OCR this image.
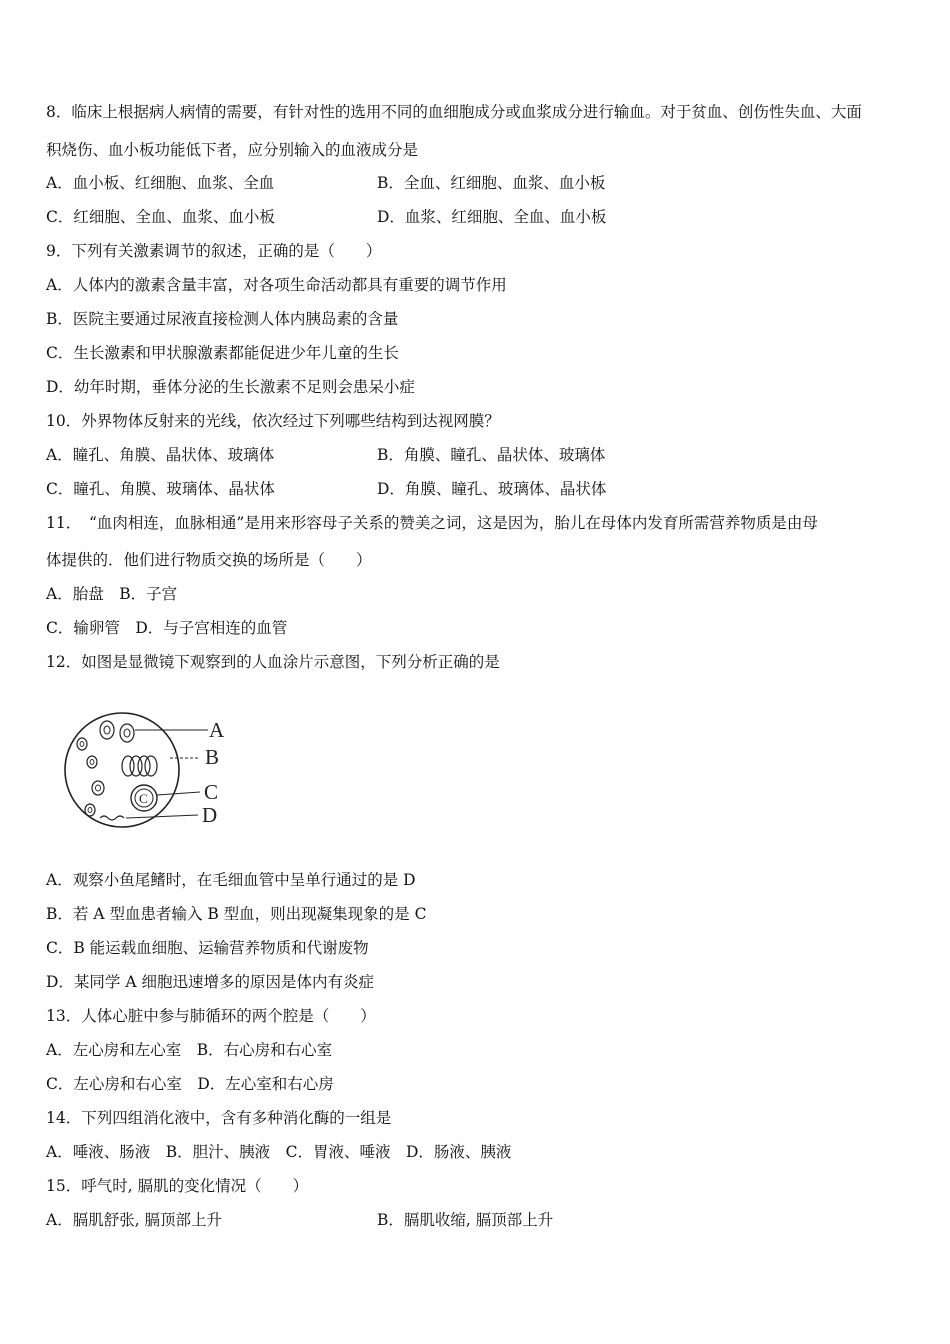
8．临床上根据病人病情的需要，有针对性的选用不同的血细胞成分或血浆成分进行输血。对于贫血、创伤性失血、大面
积烧伤、血小板功能低下者，应分别输入的血液成分是
A．血小板、红细胞、血浆、全血	B．全血、红细胞、血浆、血小板
C．红细胞、全血、血浆、血小板	D．血浆、红细胞、全血、血小板
9．下列有关激素调节的叙述，正确的是（　　）
A．人体内的激素含量丰富，对各项生命活动都具有重要的调节作用
B．医院主要通过尿液直接检测人体内胰岛素的含量
C．生长激素和甲状腺激素都能促进少年儿童的生长
D．幼年时期，垂体分泌的生长激素不足则会患呆小症
10．外界物体反射来的光线，依次经过下列哪些结构到达视网膜？
A．瞳孔、角膜、晶状体、玻璃体	B．角膜、瞳孔、晶状体、玻璃体
C．瞳孔、角膜、玻璃体、晶状体	D．角膜、瞳孔、玻璃体、晶状体
11．　“血肉相连，血脉相通”是用来形容母子关系的赞美之词，这是因为，胎儿在母体内发育所需营养物质是由母
体提供的．他们进行物质交换的场所是（　　）
A．胎盘　B．子宫
C．输卵管　D．与子宫相连的血管
12．如图是显微镜下观察到的人血涂片示意图，下列分析正确的是
C
A
B
C
D
A．观察小鱼尾鳍时，在毛细血管中呈单行通过的是 D
B．若 A 型血患者输入 B 型血，则出现凝集现象的是 C
C．B 能运载血细胞、运输营养物质和代谢废物
D．某同学 A 细胞迅速增多的原因是体内有炎症
13．人体心脏中参与肺循环的两个腔是（　　）
A．左心房和左心室　B．右心房和右心室
C．左心房和右心室　D．左心室和右心房
14．下列四组消化液中，含有多种消化酶的一组是
A．唾液、肠液　B．胆汁、胰液　C．胃液、唾液　D．肠液、胰液
15．呼气时, 膈肌的变化情况（　　）
A．膈肌舒张, 膈顶部上升	B．膈肌收缩, 膈顶部上升
